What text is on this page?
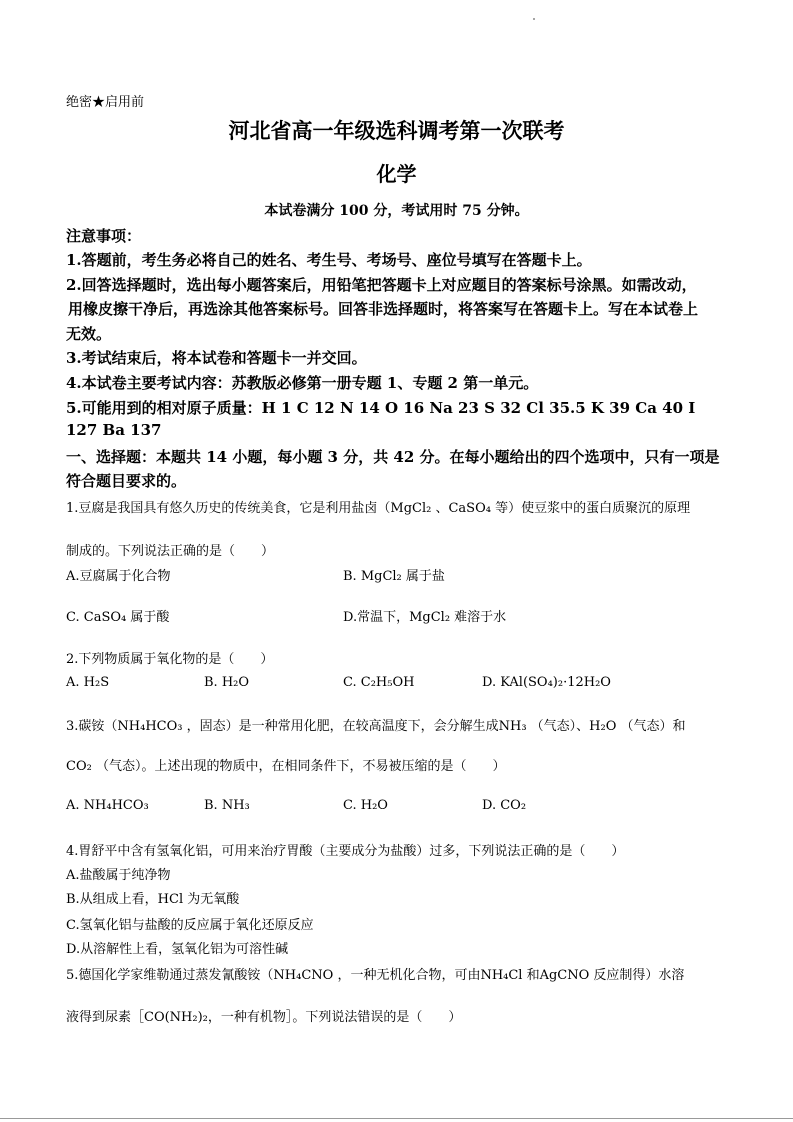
绝密★启用前
河北省高一年级选科调考第一次联考
化学
本试卷满分 100 分，考试用时 75 分钟。
注意事项：
1.答题前，考生务必将自己的姓名、考生号、考场号、座位号填写在答题卡上。
2.回答选择题时，选出每小题答案后，用铅笔把答题卡上对应题目的答案标号涂黑。如需改动，
用橡皮擦干净后，再选涂其他答案标号。回答非选择题时，将答案写在答题卡上。写在本试卷上
无效。
3.考试结束后，将本试卷和答题卡一并交回。
4.本试卷主要考试内容：苏教版必修第一册专题 1、专题 2 第一单元。
5.可能用到的相对原子质量：H 1 C 12 N 14 O 16 Na 23 S 32 Cl 35.5 K 39 Ca 40 I
127 Ba 137
一、选择题：本题共 14 小题，每小题 3 分，共 42 分。在每小题给出的四个选项中，只有一项是
符合题目要求的。
1.豆腐是我国具有悠久历史的传统美食，它是利用盐卤（MgCl₂ 、CaSO₄ 等）使豆浆中的蛋白质聚沉的原理
制成的。下列说法正确的是（　　）
A.豆腐属于化合物	B. MgCl₂ 属于盐
C. CaSO₄ 属于酸	D.常温下，MgCl₂ 难溶于水
2.下列物质属于氧化物的是（　　）
A. H₂S	B. H₂O	C. C₂H₅OH	D. KAl(SO₄)₂·12H₂O
3.碳铵（NH₄HCO₃ ，固态）是一种常用化肥，在较高温度下，会分解生成NH₃ （气态）、H₂O （气态）和
CO₂ （气态）。上述出现的物质中，在相同条件下，不易被压缩的是（　　）
A. NH₄HCO₃	B. NH₃	C. H₂O	D. CO₂
4.胃舒平中含有氢氧化铝，可用来治疗胃酸（主要成分为盐酸）过多，下列说法正确的是（　　）
A.盐酸属于纯净物
B.从组成上看，HCl 为无氧酸
C.氢氧化铝与盐酸的反应属于氧化还原反应
D.从溶解性上看，氢氧化铝为可溶性碱
5.德国化学家维勒通过蒸发氰酸铵（NH₄CNO ，一种无机化合物，可由NH₄Cl 和AgCNO 反应制得）水溶
液得到尿素［CO(NH₂)₂，一种有机物］。下列说法错误的是（　　）
